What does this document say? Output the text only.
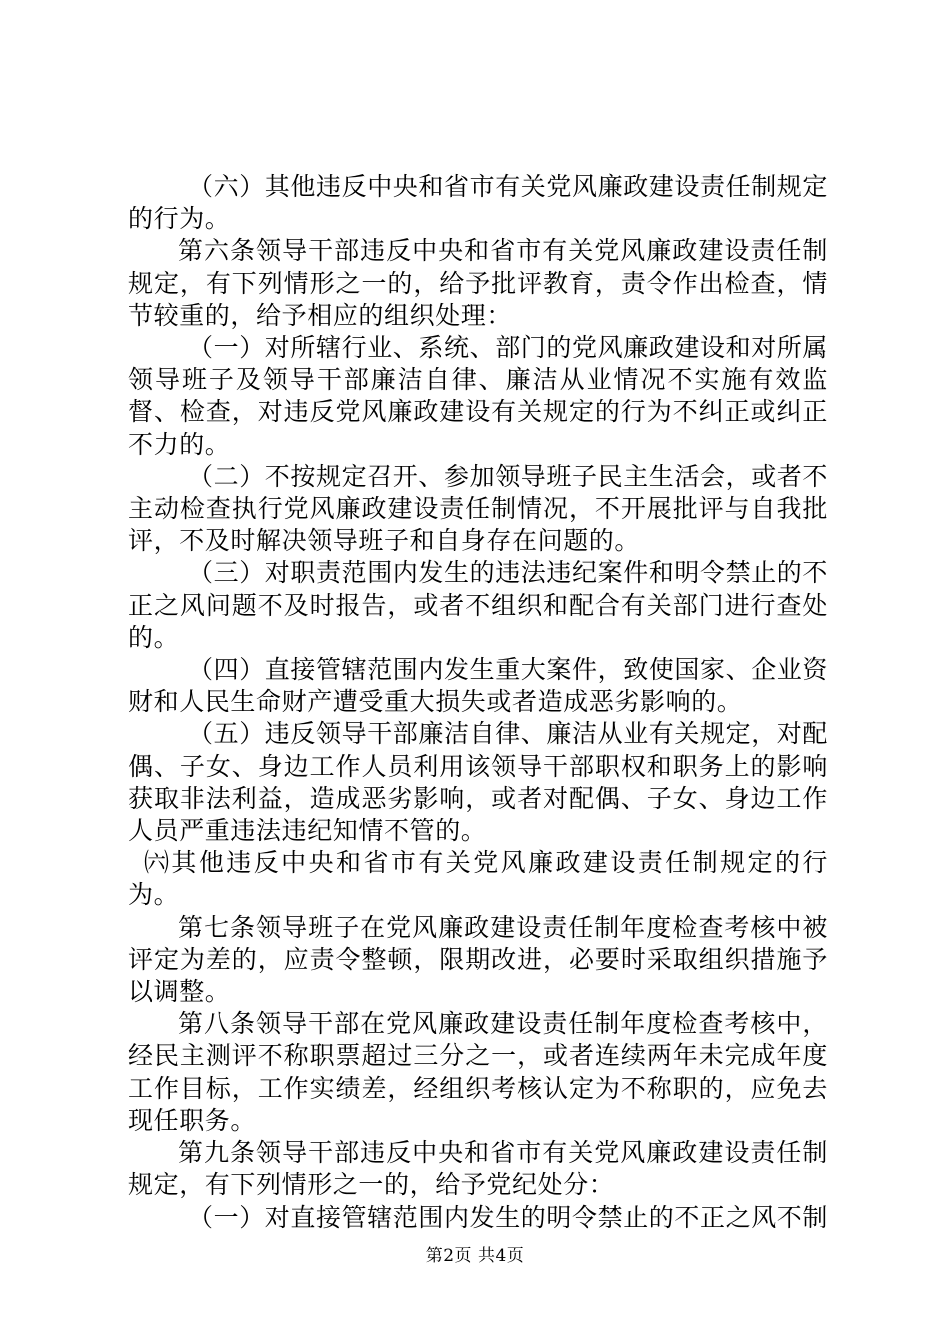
（六）其他违反中央和省市有关党风廉政建设责任制规定的行为。

第六条领导干部违反中央和省市有关党风廉政建设责任制规定，有下列情形之一的，给予批评教育，责令作出检查，情节较重的，给予相应的组织处理：

（一）对所辖行业、系统、部门的党风廉政建设和对所属领导班子及领导干部廉洁自律、廉洁从业情况不实施有效监督、检查，对违反党风廉政建设有关规定的行为不纠正或纠正不力的。

（二）不按规定召开、参加领导班子民主生活会，或者不主动检查执行党风廉政建设责任制情况，不开展批评与自我批评，不及时解决领导班子和自身存在问题的。

（三）对职责范围内发生的违法违纪案件和明令禁止的不正之风问题不及时报告，或者不组织和配合有关部门进行查处的。

（四）直接管辖范围内发生重大案件，致使国家、企业资财和人民生命财产遭受重大损失或者造成恶劣影响的。

（五）违反领导干部廉洁自律、廉洁从业有关规定，对配偶、子女、身边工作人员利用该领导干部职权和职务上的影响获取非法利益，造成恶劣影响，或者对配偶、子女、身边工作人员严重违法违纪知情不管的。

㈥其他违反中央和省市有关党风廉政建设责任制规定的行为。

第七条领导班子在党风廉政建设责任制年度检查考核中被评定为差的，应责令整顿，限期改进，必要时采取组织措施予以调整。

第八条领导干部在党风廉政建设责任制年度检查考核中，经民主测评不称职票超过三分之一，或者连续两年未完成年度工作目标，工作实绩差，经组织考核认定为不称职的，应免去现任职务。

第九条领导干部违反中央和省市有关党风廉政建设责任制规定，有下列情形之一的，给予党纪处分：

（一）对直接管辖范围内发生的明令禁止的不正之风不制

第2页 共4页
